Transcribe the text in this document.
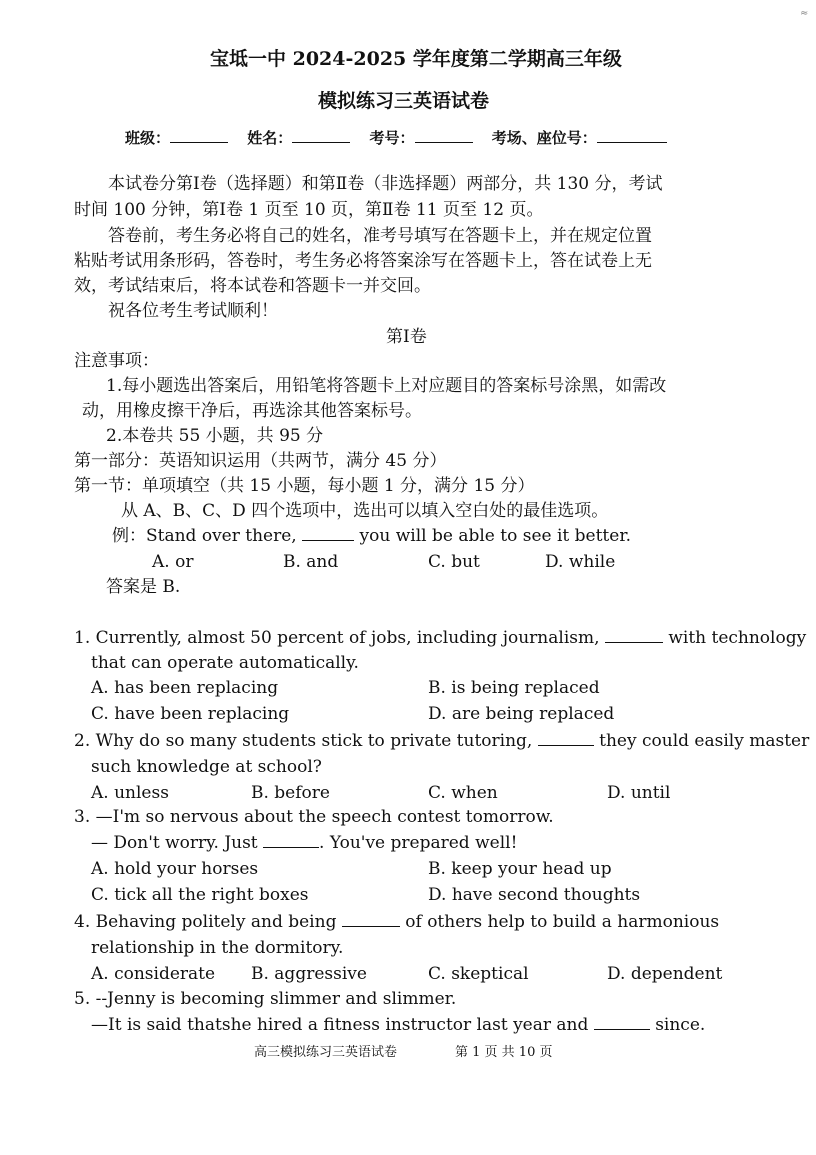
≈
宝坻一中 2024-2025 学年度第二学期高三年级
模拟练习三英语试卷
班级：	姓名：	考号：	考场、座位号：
本试卷分第Ⅰ卷（选择题）和第Ⅱ卷（非选择题）两部分，共 130 分，考试
时间 100 分钟，第Ⅰ卷 1 页至 10 页，第Ⅱ卷 11 页至 12 页。
答卷前，考生务必将自己的姓名，准考号填写在答题卡上，并在规定位置
粘贴考试用条形码，答卷时，考生务必将答案涂写在答题卡上，答在试卷上无
效，考试结束后，将本试卷和答题卡一并交回。
祝各位考生考试顺利！
第Ⅰ卷
注意事项：
1.每小题选出答案后，用铅笔将答题卡上对应题目的答案标号涂黑，如需改
动，用橡皮擦干净后，再选涂其他答案标号。
2.本卷共 55 小题，共 95 分
第一部分：英语知识运用（共两节，满分 45 分）
第一节：单项填空（共 15 小题，每小题 1 分，满分 15 分）
从 A、B、C、D 四个选项中，选出可以填入空白处的最佳选项。
例：Stand over there,	you will be able to see it better.
A. or	B. and	C. but	D. while
答案是 B.
1. Currently, almost 50 percent of jobs, including journalism,	with technology
that can operate automatically.
A. has been replacing	B. is being replaced
C. have been replacing	D. are being replaced
2. Why do so many students stick to private tutoring,	they could easily master
such knowledge at school?
A. unless	B. before	C. when	D. until
3. —I'm so nervous about the speech contest tomorrow.
— Don't worry. Just	. You've prepared well!
A. hold your horses	B. keep your head up
C. tick all the right boxes	D. have second thoughts
4. Behaving politely and being	of others help to build a harmonious
relationship in the dormitory.
A. considerate B. aggressive	C. skeptical	D. dependent
5. --Jenny is becoming slimmer and slimmer.
—It is said thatshe hired a fitness instructor last year and	since.
高三模拟练习三英语试卷	第 1 页 共 10 页
